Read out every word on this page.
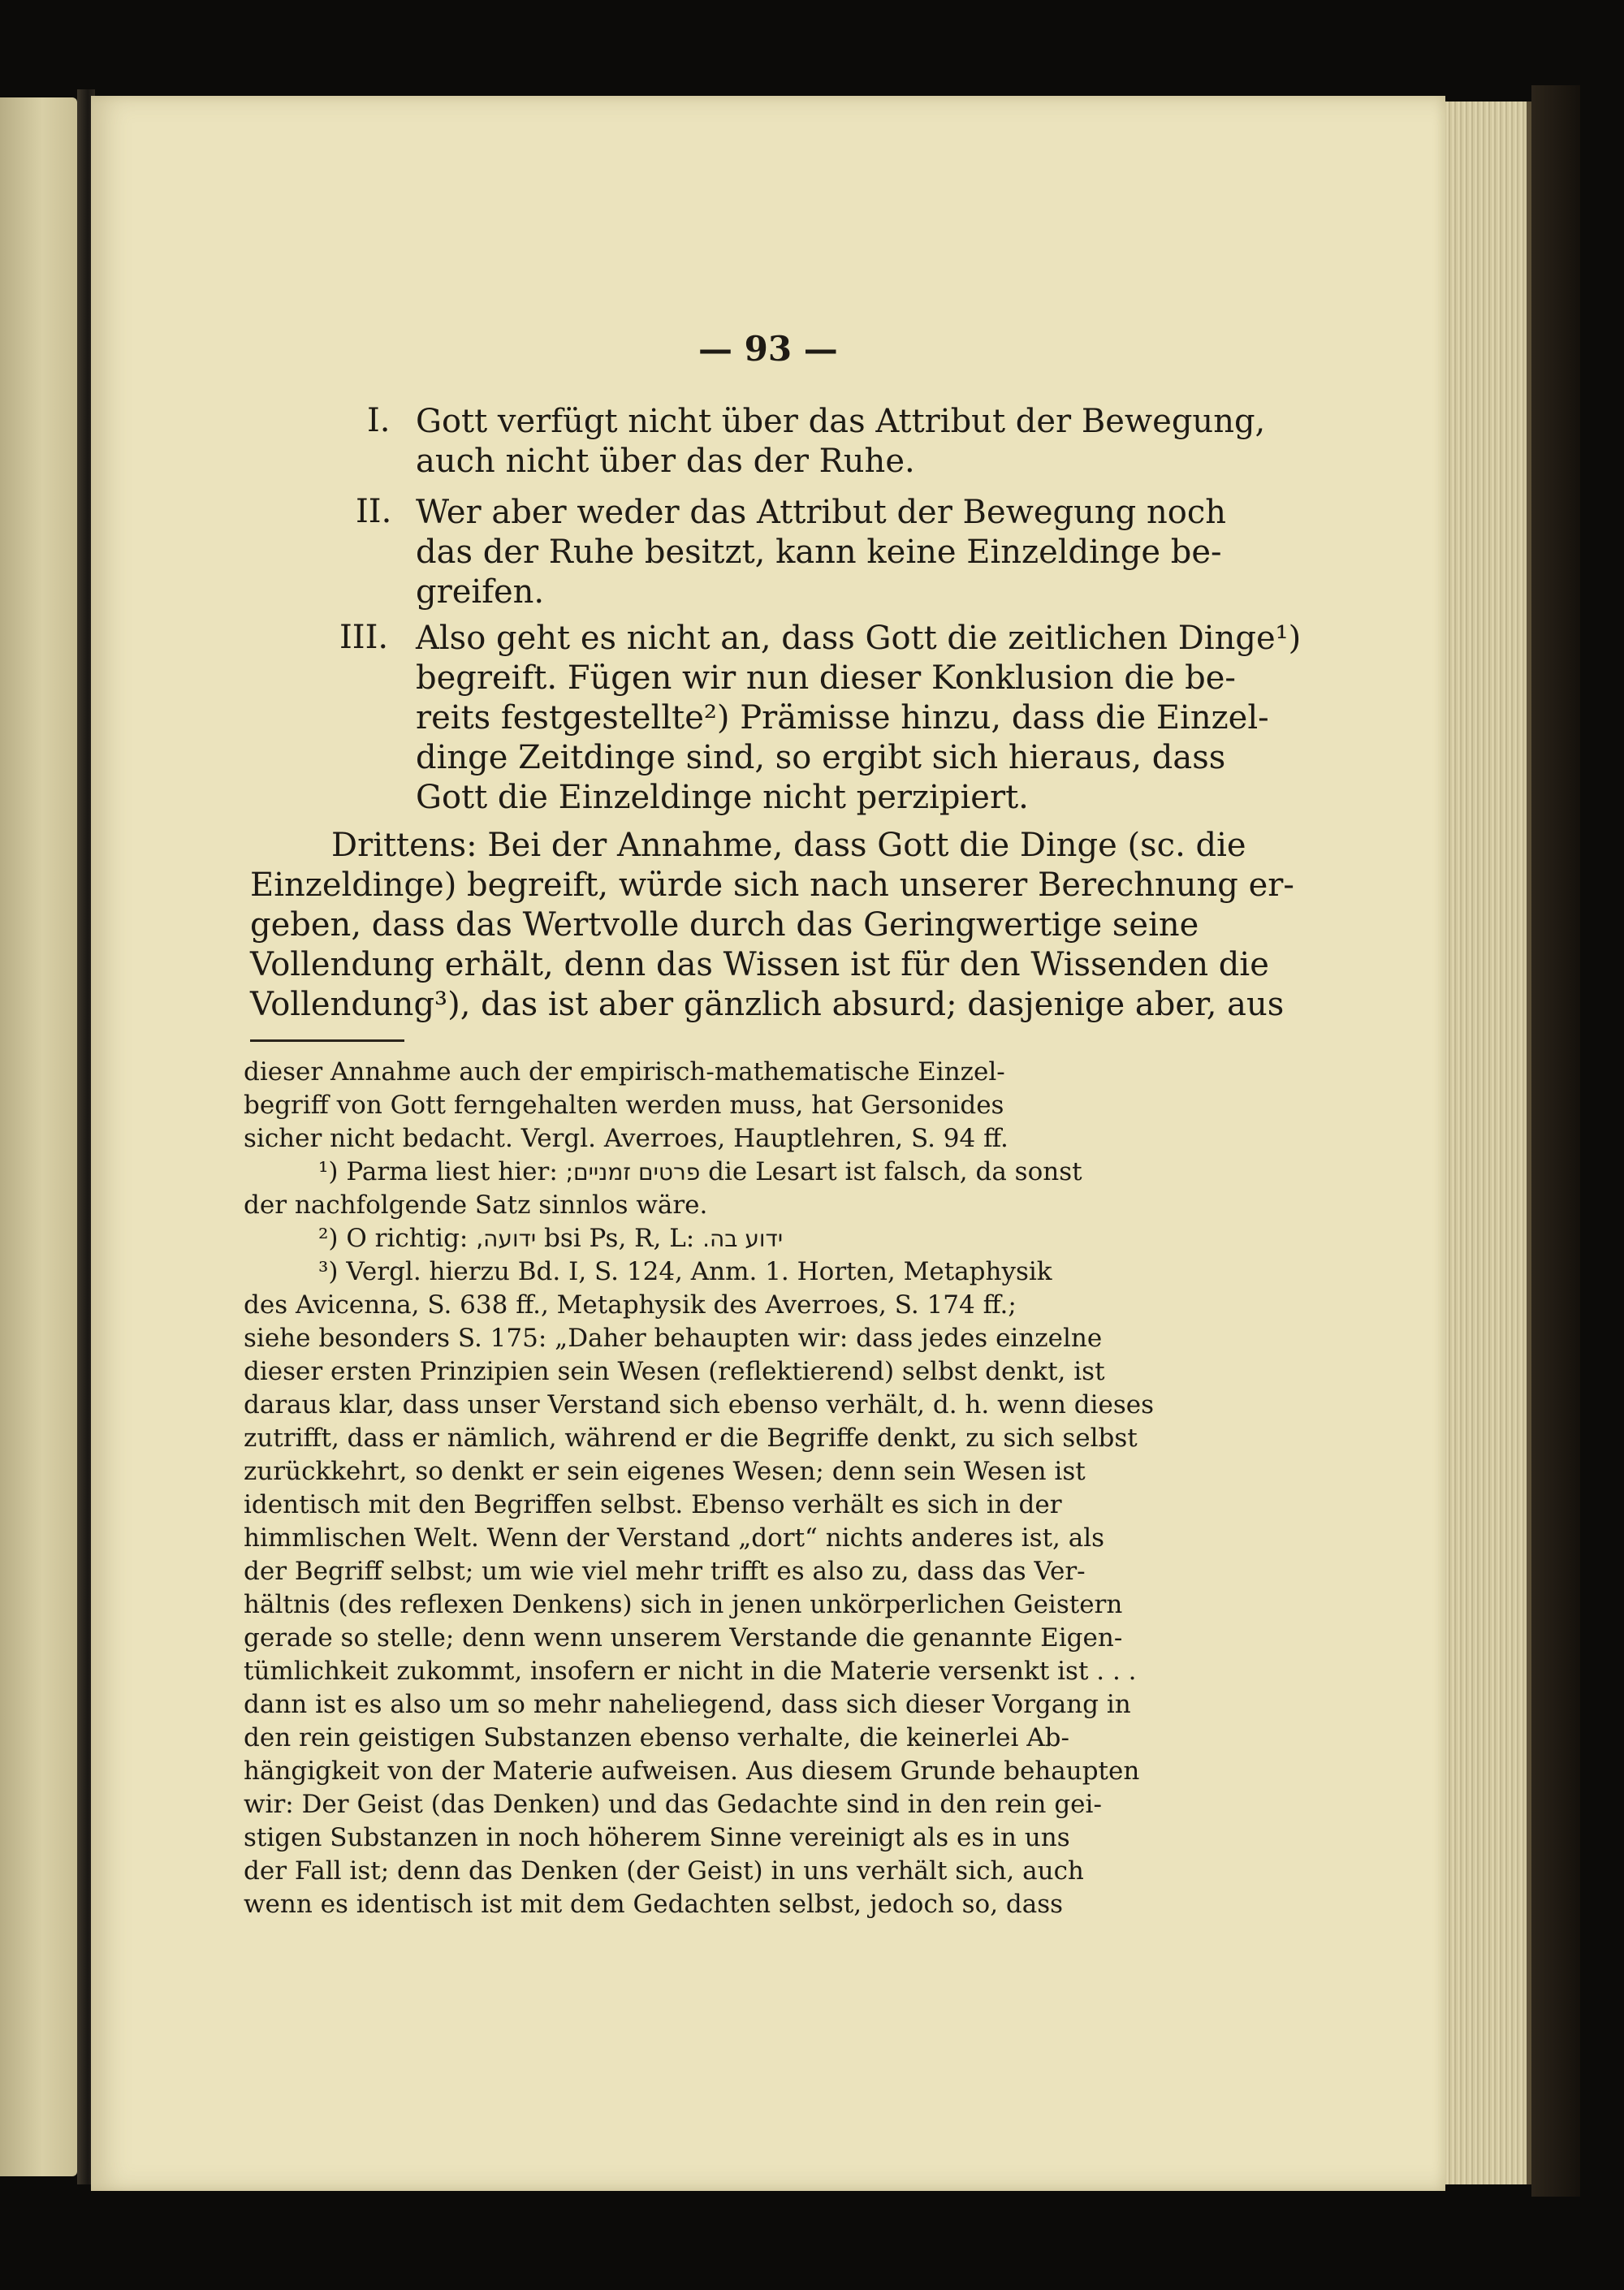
— 93 —
I. Gott verfügt nicht über das Attribut der Bewegung,
auch nicht über das der Ruhe.
II. Wer aber weder das Attribut der Bewegung noch
das der Ruhe besitzt, kann keine Einzeldinge be-
greifen.
III. Also geht es nicht an, dass Gott die zeitlichen Dinge¹)
begreift. Fügen wir nun dieser Konklusion die be-
reits festgestellte²) Prämisse hinzu, dass die Einzel-
dinge Zeitdinge sind, so ergibt sich hieraus, dass
Gott die Einzeldinge nicht perzipiert.
Drittens: Bei der Annahme, dass Gott die Dinge (sc. die
Einzeldinge) begreift, würde sich nach unserer Berechnung er-
geben, dass das Wertvolle durch das Geringwertige seine
Vollendung erhält, denn das Wissen ist für den Wissenden die
Vollendung³), das ist aber gänzlich absurd; dasjenige aber, aus
dieser Annahme auch der empirisch-mathematische Einzel-
begriff von Gott ferngehalten werden muss, hat Gersonides
sicher nicht bedacht. Vergl. Averroes, Hauptlehren, S. 94 ff.
¹) Parma liest hier: פרטים זמניים; die Lesart ist falsch, da sonst
der nachfolgende Satz sinnlos wäre.
²) O richtig: ידועה, bsi Ps, R, L: ידוע בה.
³) Vergl. hierzu Bd. I, S. 124, Anm. 1. Horten, Metaphysik
des Avicenna, S. 638 ff., Metaphysik des Averroes, S. 174 ff.;
siehe besonders S. 175: „Daher behaupten wir: dass jedes einzelne
dieser ersten Prinzipien sein Wesen (reflektierend) selbst denkt, ist
daraus klar, dass unser Verstand sich ebenso verhält, d. h. wenn dieses
zutrifft, dass er nämlich, während er die Begriffe denkt, zu sich selbst
zurückkehrt, so denkt er sein eigenes Wesen; denn sein Wesen ist
identisch mit den Begriffen selbst. Ebenso verhält es sich in der
himmlischen Welt. Wenn der Verstand „dort“ nichts anderes ist, als
der Begriff selbst; um wie viel mehr trifft es also zu, dass das Ver-
hältnis (des reflexen Denkens) sich in jenen unkörperlichen Geistern
gerade so stelle; denn wenn unserem Verstande die genannte Eigen-
tümlichkeit zukommt, insofern er nicht in die Materie versenkt ist . . .
dann ist es also um so mehr naheliegend, dass sich dieser Vorgang in
den rein geistigen Substanzen ebenso verhalte, die keinerlei Ab-
hängigkeit von der Materie aufweisen. Aus diesem Grunde behaupten
wir: Der Geist (das Denken) und das Gedachte sind in den rein gei-
stigen Substanzen in noch höherem Sinne vereinigt als es in uns
der Fall ist; denn das Denken (der Geist) in uns verhält sich, auch
wenn es identisch ist mit dem Gedachten selbst, jedoch so, dass
